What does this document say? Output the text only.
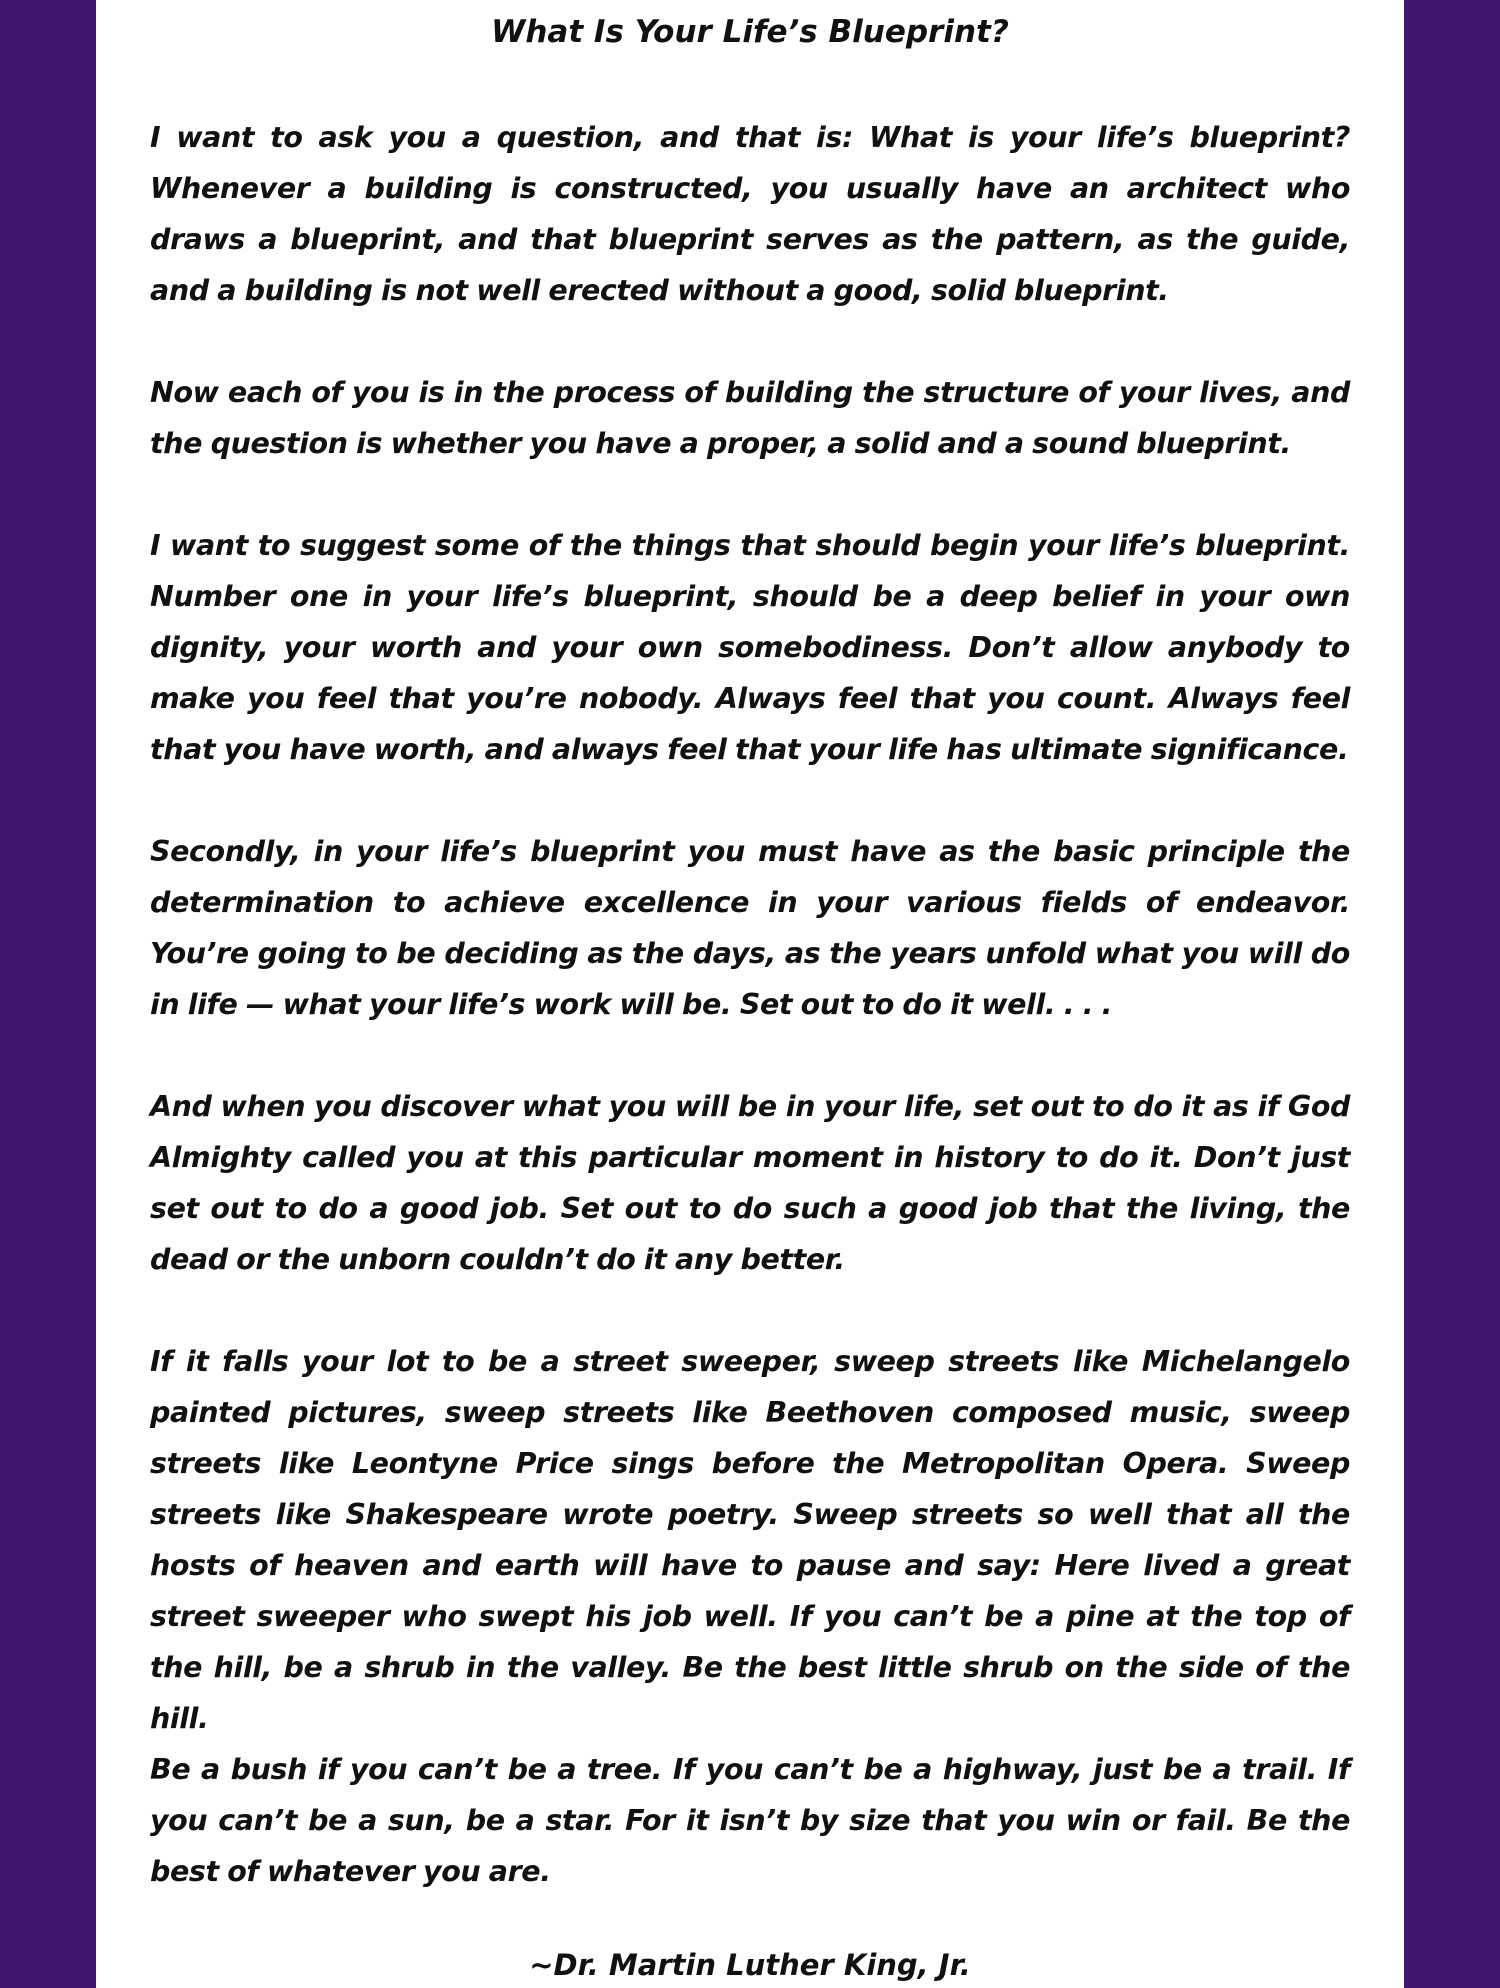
What Is Your Life’s Blueprint?

I want to ask you a question, and that is: What is your life’s blueprint? Whenever a building is constructed, you usually have an architect who draws a blueprint, and that blueprint serves as the pattern, as the guide, and a building is not well erected without a good, solid blueprint.

Now each of you is in the process of building the structure of your lives, and the question is whether you have a proper, a solid and a sound blueprint.

I want to suggest some of the things that should begin your life’s blueprint. Number one in your life’s blueprint, should be a deep belief in your own dignity, your worth and your own somebodiness. Don’t allow anybody to make you feel that you’re nobody. Always feel that you count. Always feel that you have worth, and always feel that your life has ultimate significance.

Secondly, in your life’s blueprint you must have as the basic principle the determination to achieve excellence in your various fields of endeavor. You’re going to be deciding as the days, as the years unfold what you will do in life — what your life’s work will be. Set out to do it well. . . .

And when you discover what you will be in your life, set out to do it as if God Almighty called you at this particular moment in history to do it. Don’t just set out to do a good job. Set out to do such a good job that the living, the dead or the unborn couldn’t do it any better.

If it falls your lot to be a street sweeper, sweep streets like Michelangelo painted pictures, sweep streets like Beethoven composed music, sweep streets like Leontyne Price sings before the Metropolitan Opera. Sweep streets like Shakespeare wrote poetry. Sweep streets so well that all the hosts of heaven and earth will have to pause and say: Here lived a great street sweeper who swept his job well. If you can’t be a pine at the top of the hill, be a shrub in the valley. Be the best little shrub on the side of the hill.

Be a bush if you can’t be a tree. If you can’t be a highway, just be a trail. If you can’t be a sun, be a star. For it isn’t by size that you win or fail. Be the best of whatever you are.

~Dr. Martin Luther King, Jr.
